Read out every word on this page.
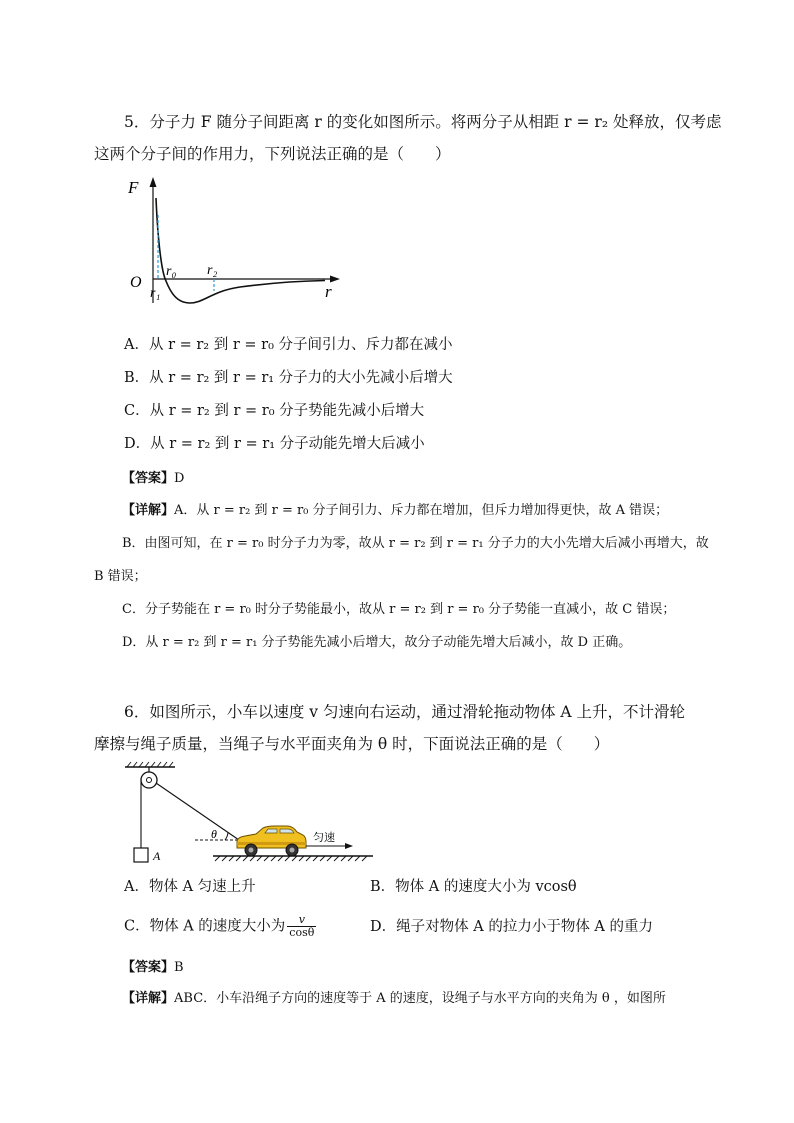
5．分子力 F 随分子间距离 r 的变化如图所示。将两分子从相距 r = r₂ 处释放，仅考虑
这两个分子间的作用力，下列说法正确的是（　　）
F
O	r
r₀
r₁
r₂
A．从 r = r₂ 到 r = r₀ 分子间引力、斥力都在减小
B．从 r = r₂ 到 r = r₁ 分子力的大小先减小后增大
C．从 r = r₂ 到 r = r₀ 分子势能先减小后增大
D．从 r = r₂ 到 r = r₁ 分子动能先增大后减小
【答案】D
【详解】A．从 r = r₂ 到 r = r₀ 分子间引力、斥力都在增加，但斥力增加得更快，故 A 错误；
B．由图可知，在 r = r₀ 时分子力为零，故从 r = r₂ 到 r = r₁ 分子力的大小先增大后减小再增大，故
B 错误；
C．分子势能在 r = r₀ 时分子势能最小，故从 r = r₂ 到 r = r₀ 分子势能一直减小，故 C 错误；
D．从 r = r₂ 到 r = r₁ 分子势能先减小后增大，故分子动能先增大后减小，故 D 正确。
6．如图所示，小车以速度 v 匀速向右运动，通过滑轮拖动物体 A 上升，不计滑轮
摩擦与绳子质量，当绳子与水平面夹角为 θ 时，下面说法正确的是（　　）
A
θ	匀速
A．物体 A 匀速上升	B．物体 A 的速度大小为 vcosθ
C．物体 A 的速度大小为 $\frac{v}{\cos\theta}$	D．绳子对物体 A 的拉力小于物体 A 的重力
【答案】B
【详解】ABC．小车沿绳子方向的速度等于 A 的速度，设绳子与水平方向的夹角为 θ ，如图所
